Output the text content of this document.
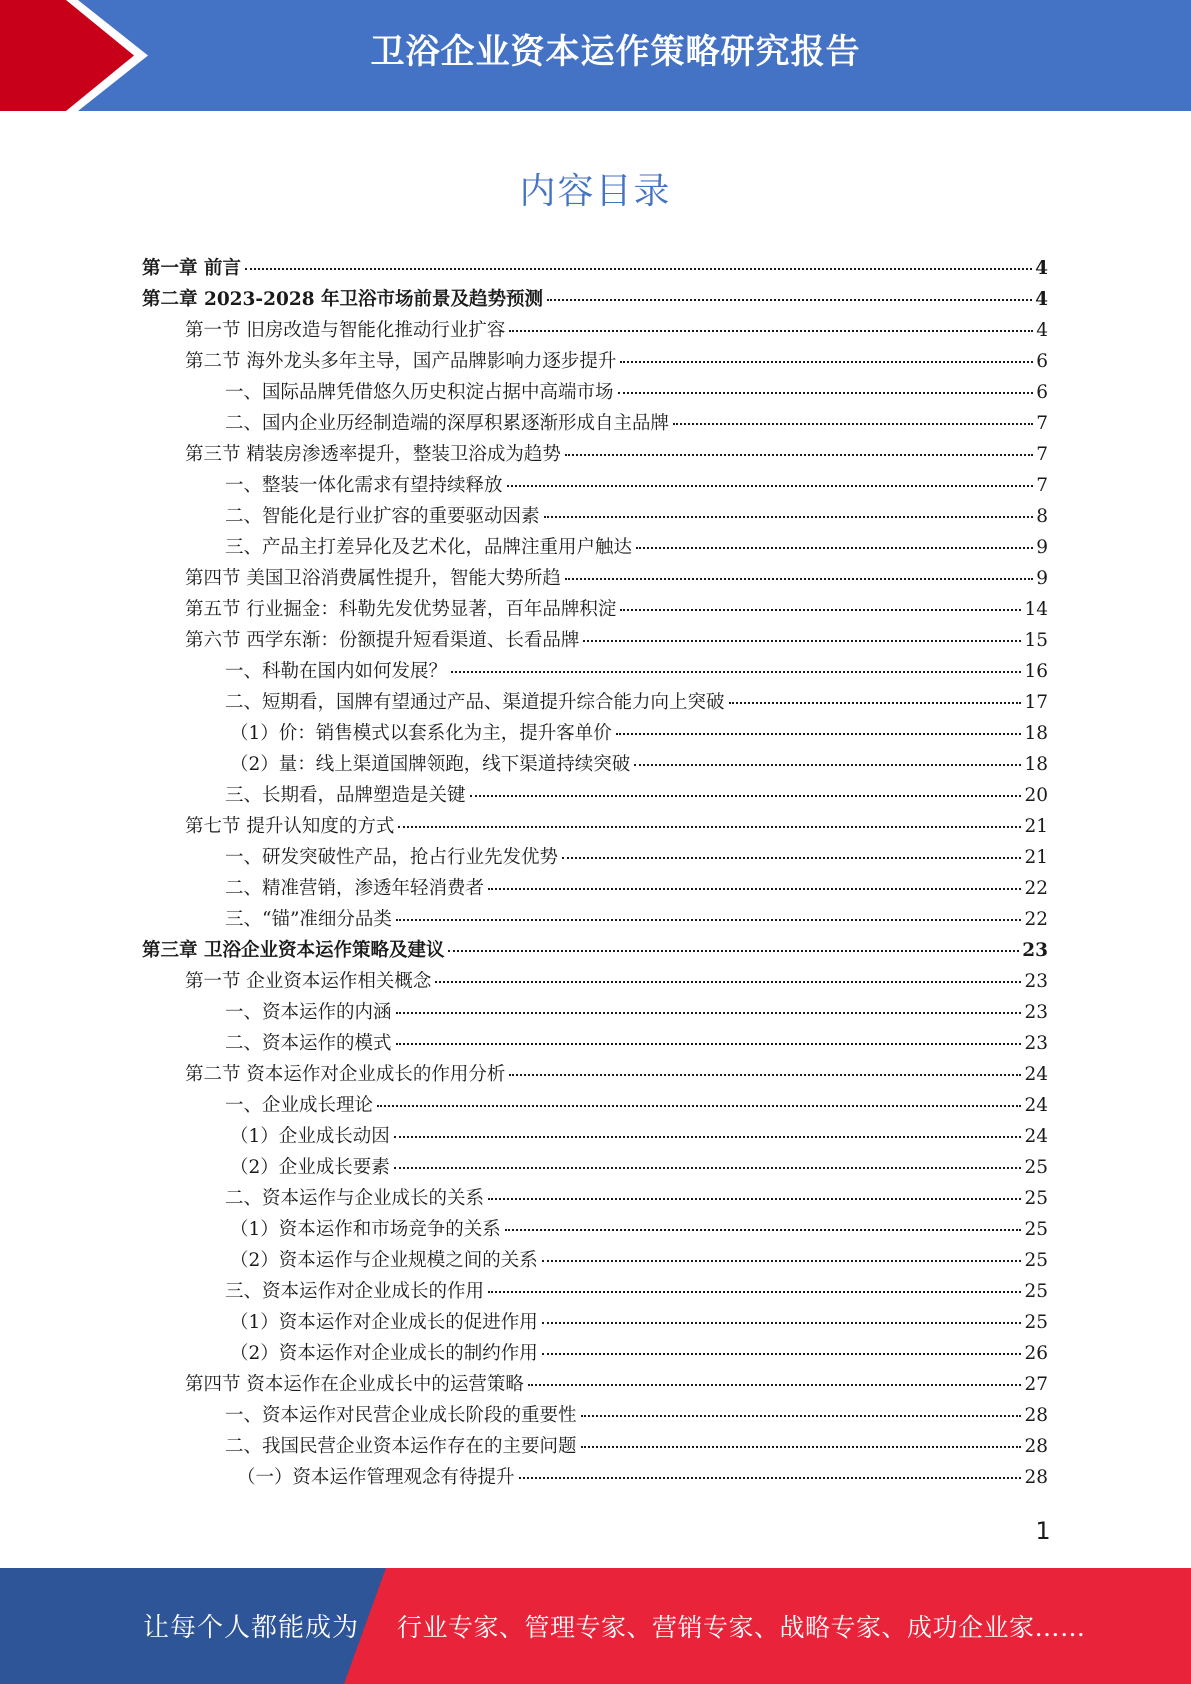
卫浴企业资本运作策略研究报告
内容目录
第一章 前言	4
第二章 2023-2028 年卫浴市场前景及趋势预测	4
第一节 旧房改造与智能化推动行业扩容	4
第二节 海外龙头多年主导，国产品牌影响力逐步提升	6
一、国际品牌凭借悠久历史积淀占据中高端市场	6
二、国内企业历经制造端的深厚积累逐渐形成自主品牌	7
第三节 精装房渗透率提升，整装卫浴成为趋势	7
一、整装一体化需求有望持续释放	7
二、智能化是行业扩容的重要驱动因素	8
三、产品主打差异化及艺术化，品牌注重用户触达	9
第四节 美国卫浴消费属性提升，智能大势所趋	9
第五节 行业掘金：科勒先发优势显著，百年品牌积淀	14
第六节 西学东渐：份额提升短看渠道、长看品牌	15
一、科勒在国内如何发展？	16
二、短期看，国牌有望通过产品、渠道提升综合能力向上突破	17
（1）价：销售模式以套系化为主，提升客单价	18
（2）量：线上渠道国牌领跑，线下渠道持续突破	18
三、长期看，品牌塑造是关键	20
第七节 提升认知度的方式	21
一、研发突破性产品，抢占行业先发优势	21
二、精准营销，渗透年轻消费者	22
三、“锚”准细分品类	22
第三章 卫浴企业资本运作策略及建议	23
第一节 企业资本运作相关概念	23
一、资本运作的内涵	23
二、资本运作的模式	23
第二节 资本运作对企业成长的作用分析	24
一、企业成长理论	24
（1）企业成长动因	24
（2）企业成长要素	25
二、资本运作与企业成长的关系	25
（1）资本运作和市场竞争的关系	25
（2）资本运作与企业规模之间的关系	25
三、资本运作对企业成长的作用	25
（1）资本运作对企业成长的促进作用	25
（2）资本运作对企业成长的制约作用	26
第四节 资本运作在企业成长中的运营策略	27
一、资本运作对民营企业成长阶段的重要性	28
二、我国民营企业资本运作存在的主要问题	28
（一）资本运作管理观念有待提升	28
1
让每个人都能成为 行业专家、管理专家、营销专家、战略专家、成功企业家……
